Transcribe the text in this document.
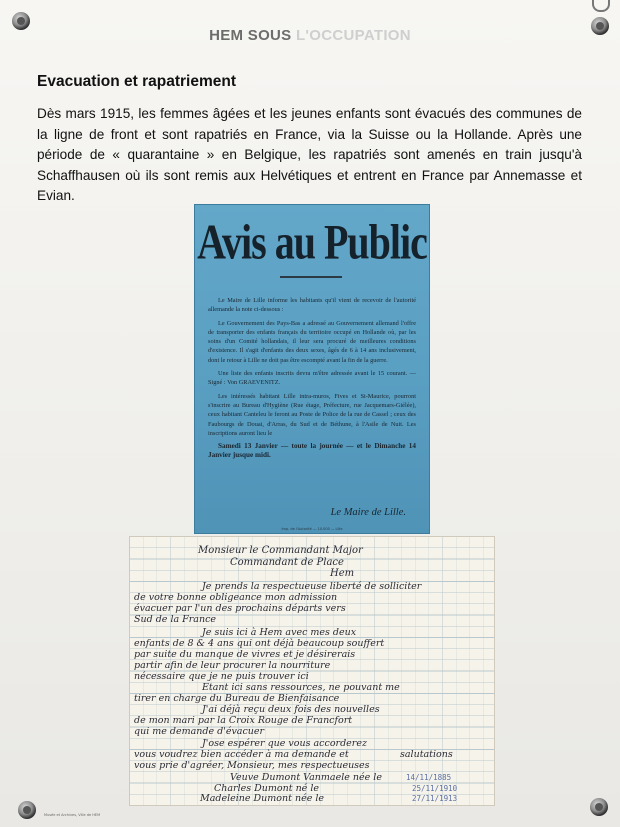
HEM SOUS L'OCCUPATION
Evacuation et rapatriement
Dès mars 1915, les femmes âgées et les jeunes enfants sont évacués des communes de la ligne de front et sont rapatriés en France, via la Suisse ou la Hollande. Après une période de « quarantaine » en Belgique, les rapatriés sont amenés en train jusqu'à Schaffhausen où ils sont remis aux Helvétiques et entrent en France par Annemasse et Evian.
Avis au Public

Le Maire de Lille informe les habitants qu'il vient de recevoir de l'autorité allemande la note ci-dessous :

Le Gouvernement des Pays-Bas a adressé au Gouvernement allemand l'offre de transporter des enfants français du territoire occupé en Hollande où, par les soins d'un Comité hollandais, il leur sera procuré de meilleures conditions d'existence. Il s'agit d'enfants des deux sexes, âgés de 6 à 14 ans inclusivement, dont le retour à Lille ne doit pas être escompté avant la fin de la guerre.

Une liste des enfants inscrits devra m'être adressée avant le 15 courant. — Signé : Von GRAEVENITZ.

Les intéressés habitant Lille intra-muros, Fives et St-Maurice, pourront s'inscrire au Bureau d'Hygiène (Rue étage, Préfecture, rue Jacquemars-Giélée), ceux habitant Canteleu le feront au Poste de Police de la rue de Cassel ; ceux des Faubourgs de Douai, d'Arras, du Sud et de Béthune, à l'Asile de Nuit. Les inscriptions auront lieu le

Samedi 13 Janvier — toute la journée — et le Dimanche 14 Janvier jusque midi.

Le Maire de Lille.
Imp. de l'Autorité — 10.000 — Lille
Monsieur le Commandant Major
Commandant de Place
Hem
Je prends la respectueuse liberté de solliciter
de votre bonne obligeance mon admission
évacuer par l'un des prochains départs vers
Sud de la France
Je suis ici à Hem avec mes deux
enfants de 8 & 4 ans qui ont déjà beaucoup souffert
par suite du manque de vivres et je désirerais
partir afin de leur procurer la nourriture
nécessaire que je ne puis trouver ici
Etant ici sans ressources, ne pouvant me
tirer en charge du Bureau de Bienfaisance
J'ai déjà reçu deux fois des nouvelles
de mon mari par la Croix Rouge de Francfort
qui me demande d'évacuer
J'ose espérer que vous accorderez
vous voudrez bien accéder à ma demande et
vous prie d'agréer, Monsieur, mes respectueuses
salutations
Veuve Dumont Vanmaele née le	14/11/1885
Charles Dumont né le	25/11/1910
Madeleine Dumont née le	27/11/1913
Musée et Archives, Ville de HEM
